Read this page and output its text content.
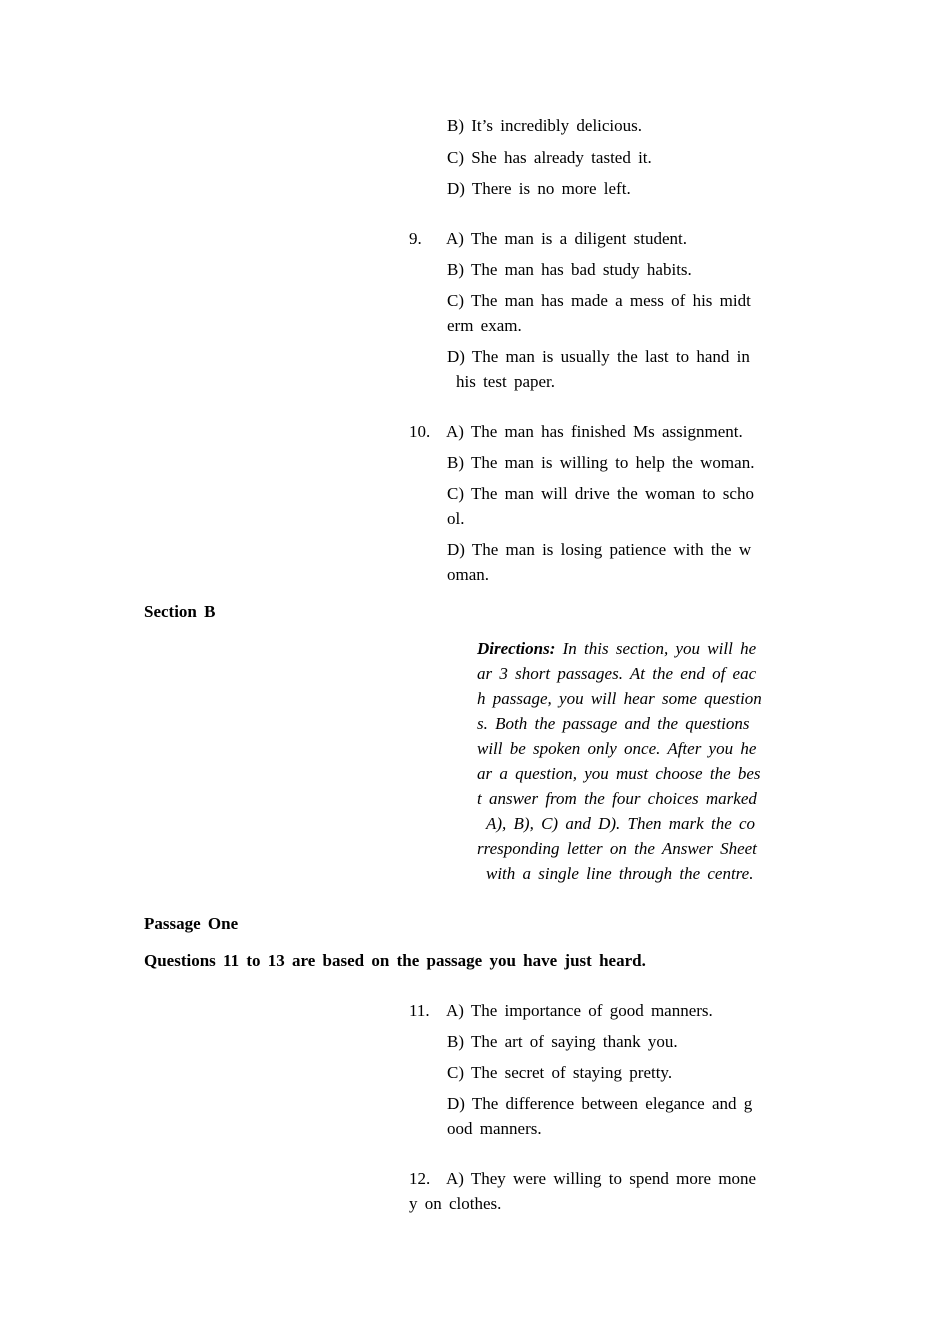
B) It’s incredibly delicious.
C) She has already tasted it.
D) There is no more left.
9. A) The man is a diligent student.
B) The man has bad study habits.
C) The man has made a mess of his midt
erm exam.
D) The man is usually the last to hand in
his test paper.
10. A) The man has finished Ms assignment.
B) The man is willing to help the woman.
C) The man will drive the woman to scho
ol.
D) The man is losing patience with the w
oman.
Section B
Directions: In this section, you will he
ar 3 short passages. At the end of eac
h passage, you will hear some question
s. Both the passage and the questions
will be spoken only once. After you he
ar a question, you must choose the bes
t answer from the four choices marked
A), B), C) and D). Then mark the co
rresponding letter on the Answer Sheet
with a single line through the centre.
Passage One
Questions 11 to 13 are based on the passage you have just heard.
11. A) The importance of good manners.
B) The art of saying thank you.
C) The secret of staying pretty.
D) The difference between elegance and g
ood manners.
12. A) They were willing to spend more mone
y on clothes.
